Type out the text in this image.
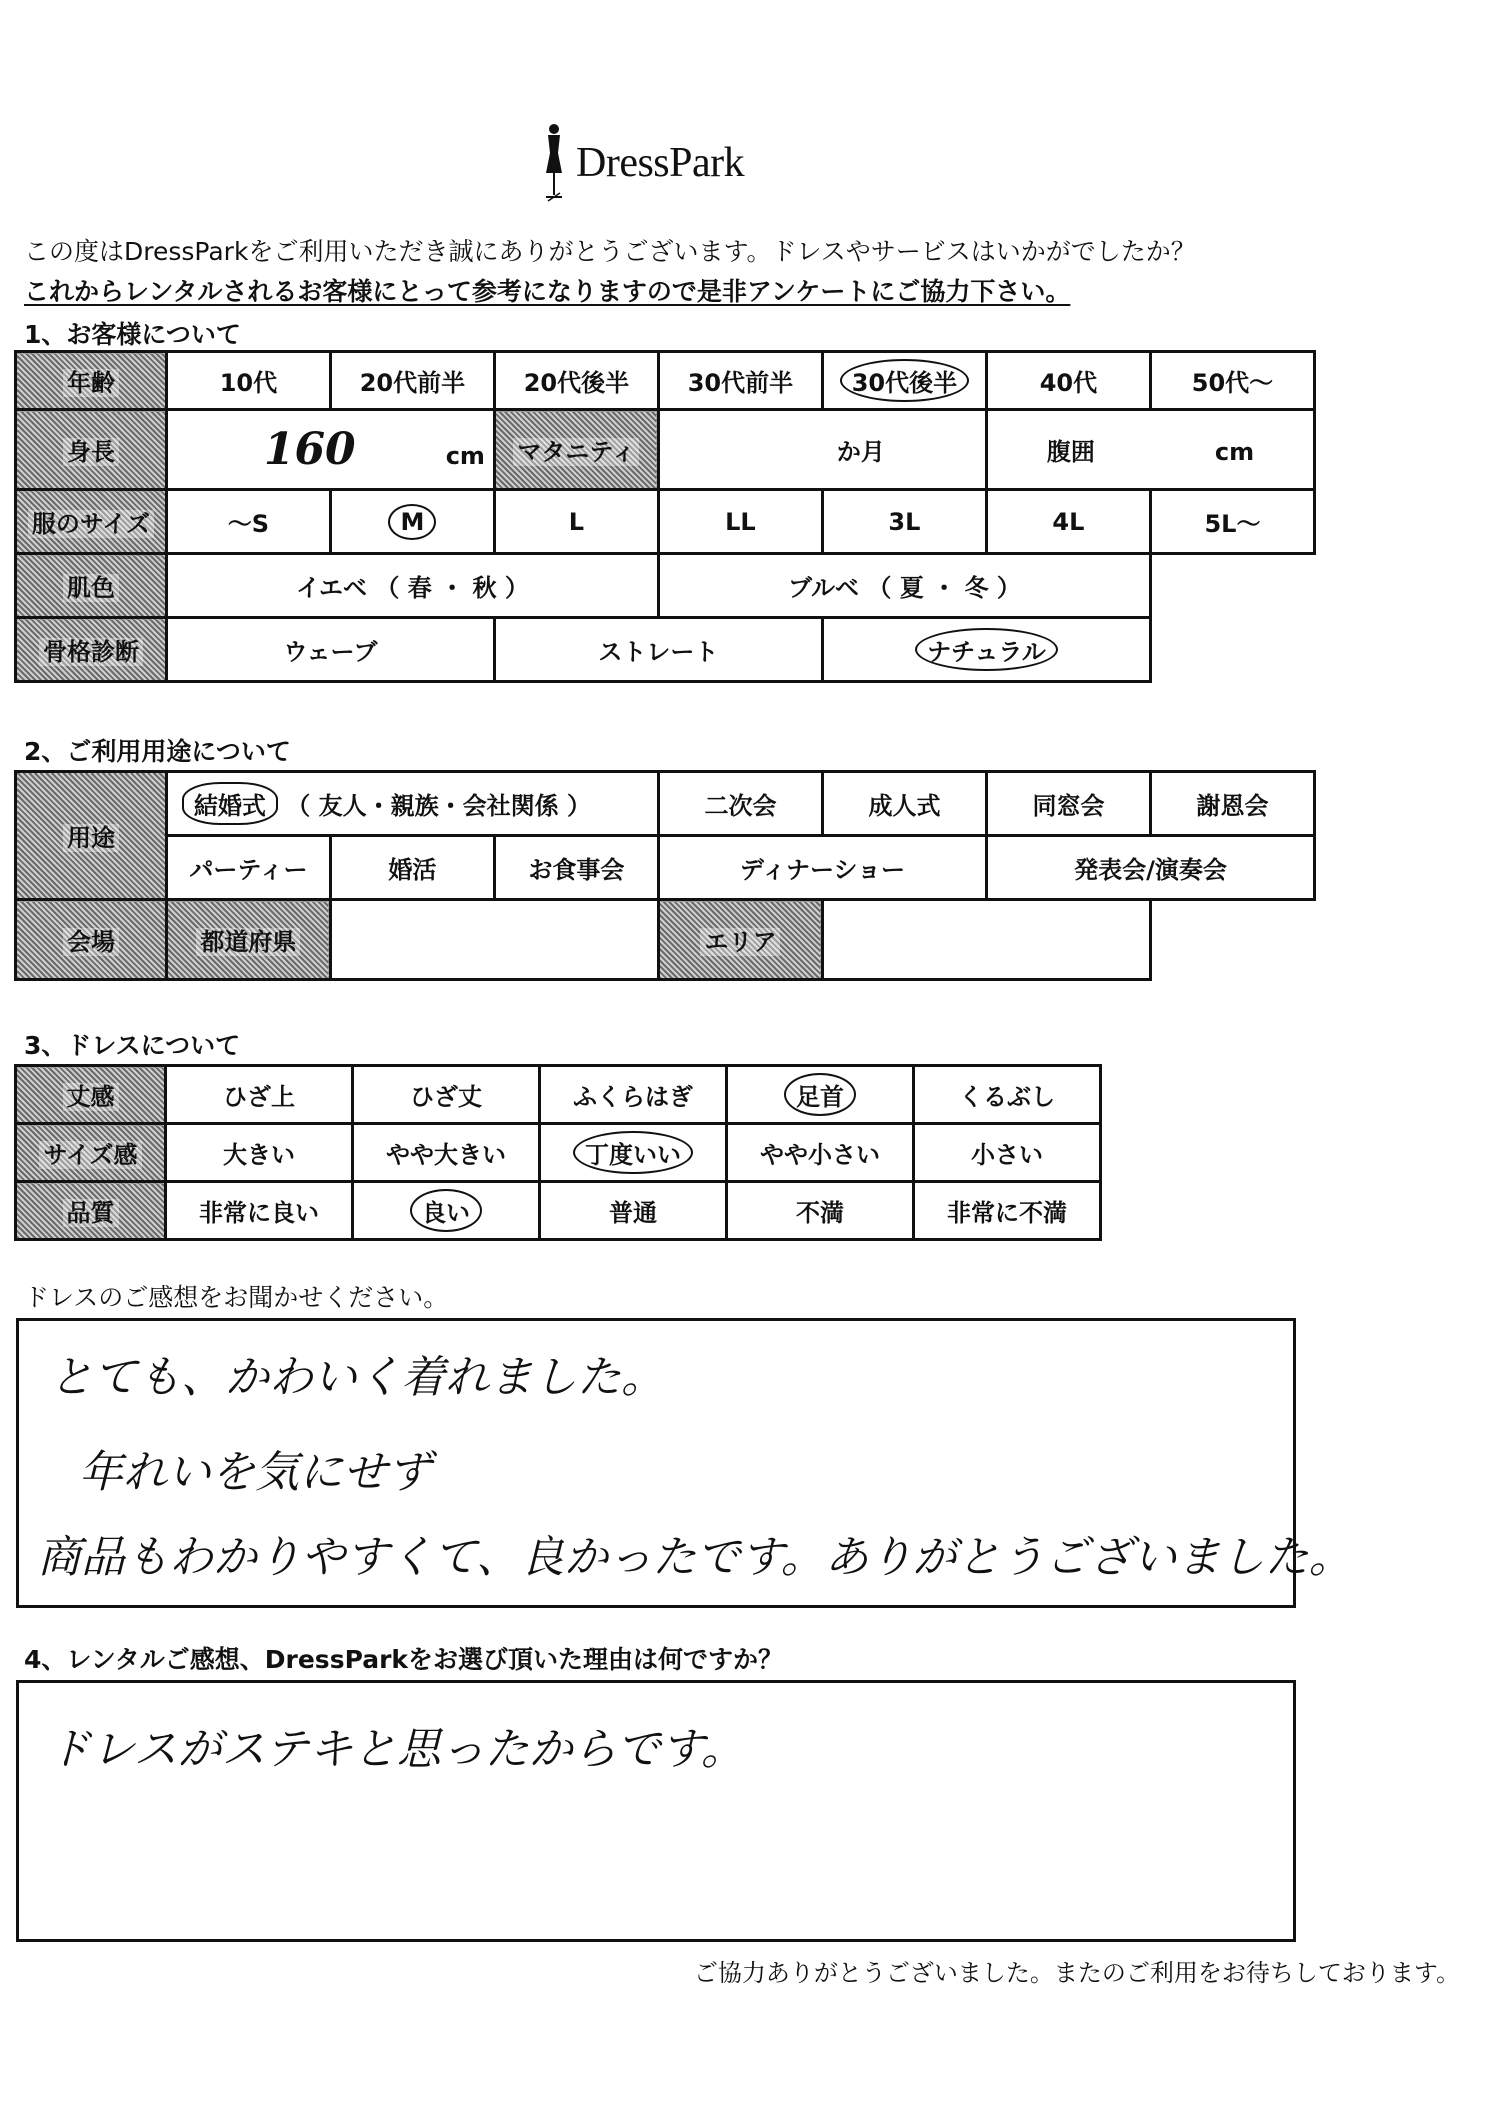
DressPark
この度はDressParkをご利用いただき誠にありがとうございます。ドレスやサービスはいかがでしたか？
これからレンタルされるお客様にとって参考になりますので是非アンケートにご協力下さい。
1、お客様について
年齢	10代	20代前半	20代後半	30代前半	30代後半	40代	50代〜
身長	160 cm		マタニティ	か月		腹囲 cm	
服のサイズ	〜S	M	L	LL	3L	4L	5L〜
肌色	イエベ （ 春 ・ 秋 ）			ブルベ （ 夏 ・ 冬 ）			
骨格診断	ウェーブ		ストレート		ナチュラル		
2、ご利用用途について
用途	結婚式 （ 友人・親族・会社関係 ）			二次会	成人式	同窓会	謝恩会
	パーティー	婚活	お食事会	ディナーショー		発表会/演奏会	
会場	都道府県			エリア			
3、ドレスについて
丈感	ひざ上	ひざ丈	ふくらはぎ	足首	くるぶし
サイズ感	大きい	やや大きい	丁度いい	やや小さい	小さい
品質	非常に良い	良い	普通	不満	非常に不満
ドレスのご感想をお聞かせください。
とても、かわいく着れました。
年れいを気にせず
商品もわかりやすくて、良かったです。ありがとうございました。
4、レンタルご感想、DressParkをお選び頂いた理由は何ですか？
ドレスがステキと思ったからです。
ご協力ありがとうございました。またのご利用をお待ちしております。
